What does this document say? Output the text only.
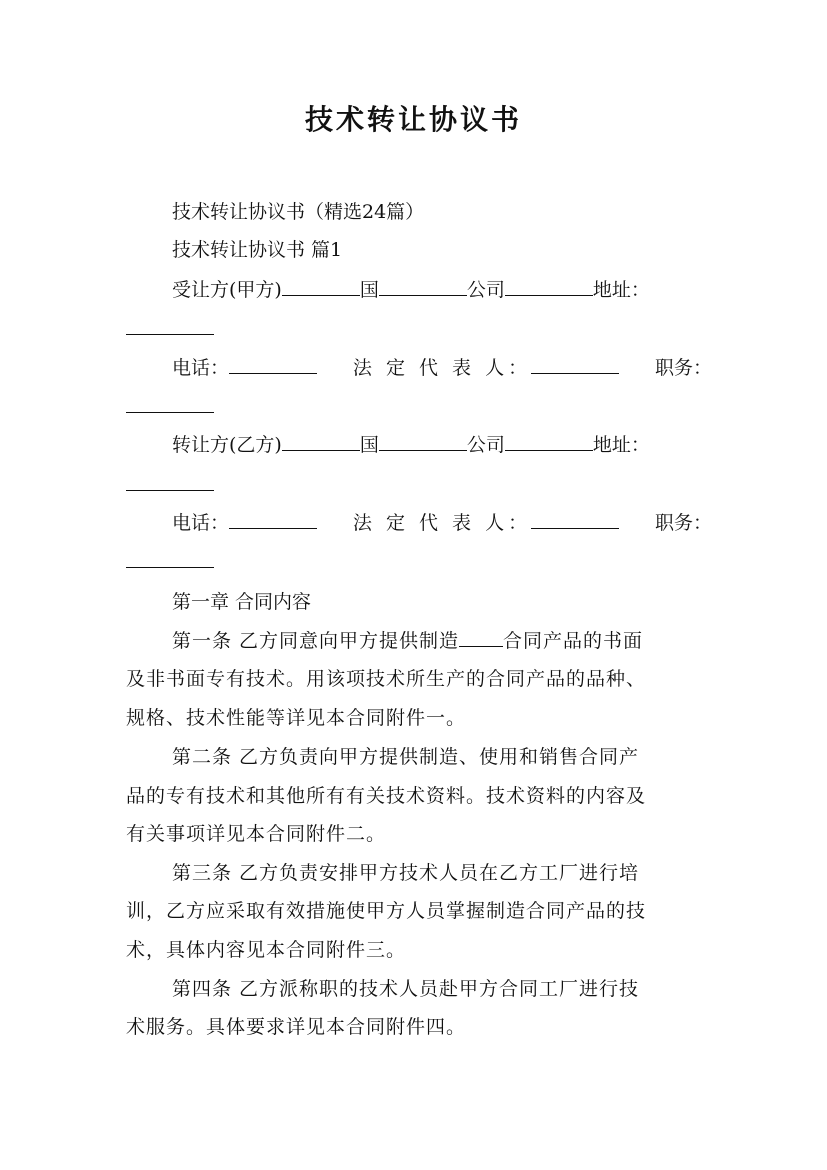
技术转让协议书
技术转让协议书（精选24篇）
技术转让协议书 篇1
受让方(甲方)	国	公司	地址：
电话：	法 定 代 表 人：	职务：
转让方(乙方)	国	公司	地址：
电话：	法 定 代 表 人：	职务：
第一章 合同内容
第一条 乙方同意向甲方提供制造 合同产品的书面
及非书面专有技术。用该项技术所生产的合同产品的品种、
规格、技术性能等详见本合同附件一。
第二条 乙方负责向甲方提供制造、使用和销售合同产
品的专有技术和其他所有有关技术资料。技术资料的内容及
有关事项详见本合同附件二。
第三条 乙方负责安排甲方技术人员在乙方工厂进行培
训，乙方应采取有效措施使甲方人员掌握制造合同产品的技
术，具体内容见本合同附件三。
第四条 乙方派称职的技术人员赴甲方合同工厂进行技
术服务。具体要求详见本合同附件四。
